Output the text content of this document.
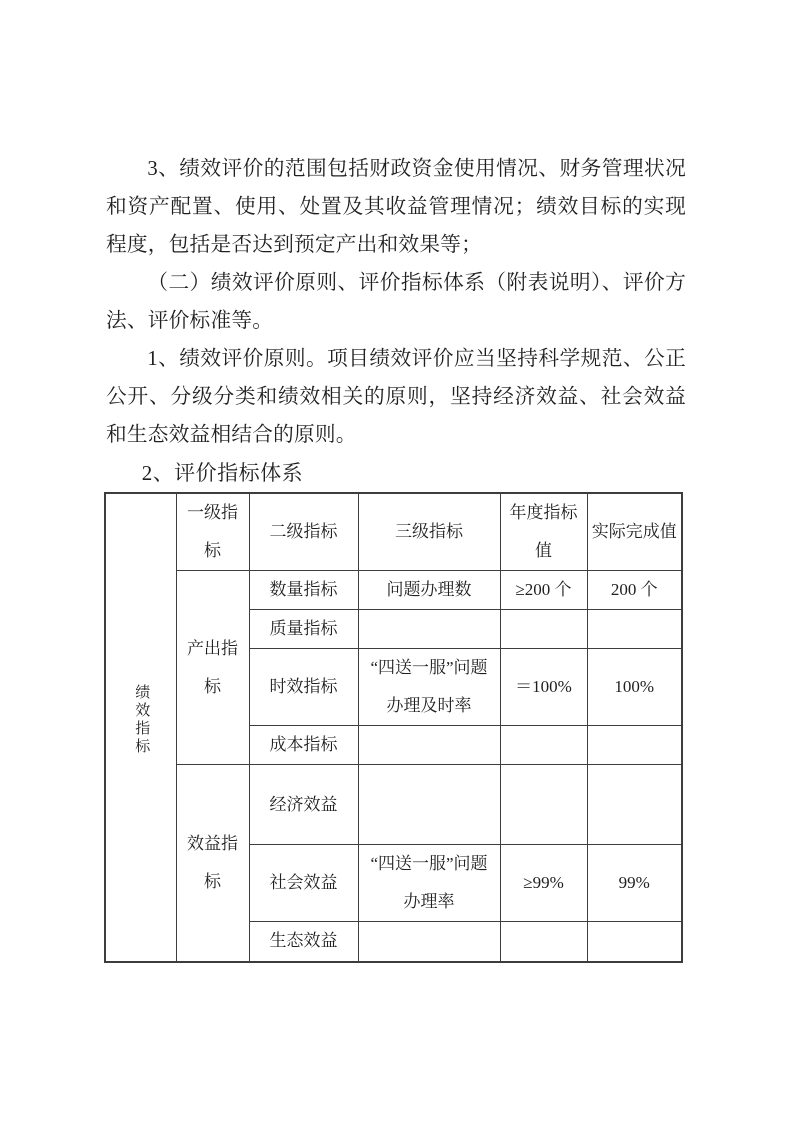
3、绩效评价的范围包括财政资金使用情况、财务管理状况和资产配置、使用、处置及其收益管理情况；绩效目标的实现程度，包括是否达到预定产出和效果等；

（二）绩效评价原则、评价指标体系（附表说明）、评价方法、评价标准等。

1、绩效评价原则。项目绩效评价应当坚持科学规范、公正公开、分级分类和绩效相关的原则，坚持经济效益、社会效益和生态效益相结合的原则。

2、评价指标体系

绩效指标	一级指标	二级指标	三级指标	年度指标值	实际完成值
	产出指标	数量指标	问题办理数	≥200 个	200 个
		质量指标			
		时效指标	“四送一服”问题办理及时率	＝100%	100%
		成本指标			
	效益指标	经济效益			
		社会效益	“四送一服”问题办理率	≥99%	99%
		生态效益			
